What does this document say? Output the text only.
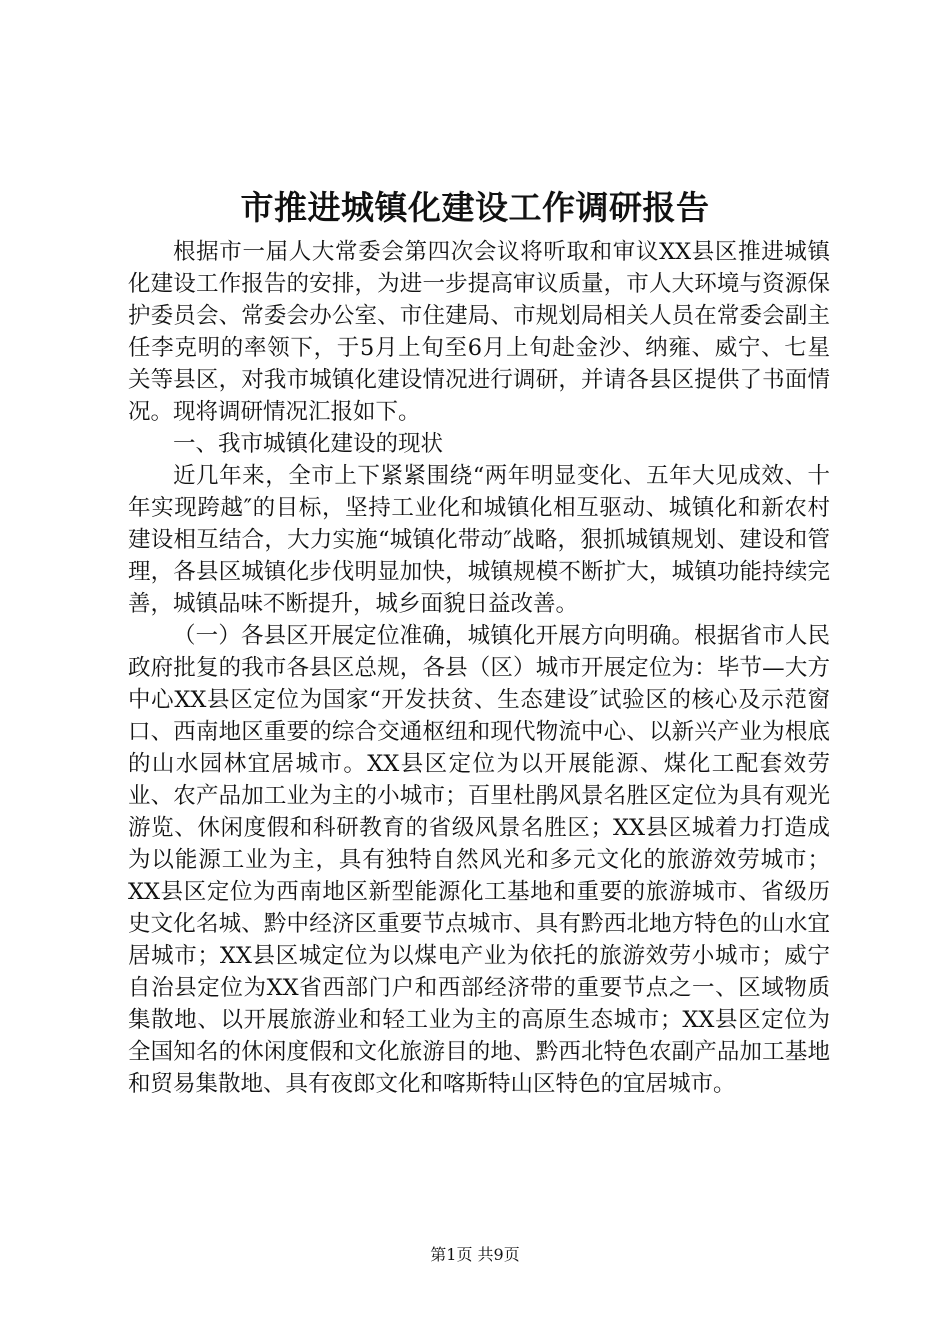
市推进城镇化建设工作调研报告

根据市一届人大常委会第四次会议将听取和审议XX县区推进城镇化建设工作报告的安排，为进一步提高审议质量，市人大环境与资源保护委员会、常委会办公室、市住建局、市规划局相关人员在常委会副主任李克明的率领下，于5月上旬至6月上旬赴金沙、纳雍、威宁、七星关等县区，对我市城镇化建设情况进行调研，并请各县区提供了书面情况。现将调研情况汇报如下。

一、我市城镇化建设的现状

近几年来，全市上下紧紧围绕“两年明显变化、五年大见成效、十年实现跨越″的目标，坚持工业化和城镇化相互驱动、城镇化和新农村建设相互结合，大力实施“城镇化带动″战略，狠抓城镇规划、建设和管理，各县区城镇化步伐明显加快，城镇规模不断扩大，城镇功能持续完善，城镇品味不断提升，城乡面貌日益改善。

（一）各县区开展定位准确，城镇化开展方向明确。根据省市人民政府批复的我市各县区总规，各县（区）城市开展定位为：毕节—大方中心XX县区定位为国家“开发扶贫、生态建设″试验区的核心及示范窗口、西南地区重要的综合交通枢纽和现代物流中心、以新兴产业为根底的山水园林宜居城市。XX县区定位为以开展能源、煤化工配套效劳业、农产品加工业为主的小城市；百里杜鹃风景名胜区定位为具有观光游览、休闲度假和科研教育的省级风景名胜区；XX县区城着力打造成为以能源工业为主，具有独特自然风光和多元文化的旅游效劳城市；XX县区定位为西南地区新型能源化工基地和重要的旅游城市、省级历史文化名城、黔中经济区重要节点城市、具有黔西北地方特色的山水宜居城市；XX县区城定位为以煤电产业为依托的旅游效劳小城市；威宁自治县定位为XX省西部门户和西部经济带的重要节点之一、区域物质集散地、以开展旅游业和轻工业为主的高原生态城市；XX县区定位为全国知名的休闲度假和文化旅游目的地、黔西北特色农副产品加工基地和贸易集散地、具有夜郎文化和喀斯特山区特色的宜居城市。

第1页 共9页
